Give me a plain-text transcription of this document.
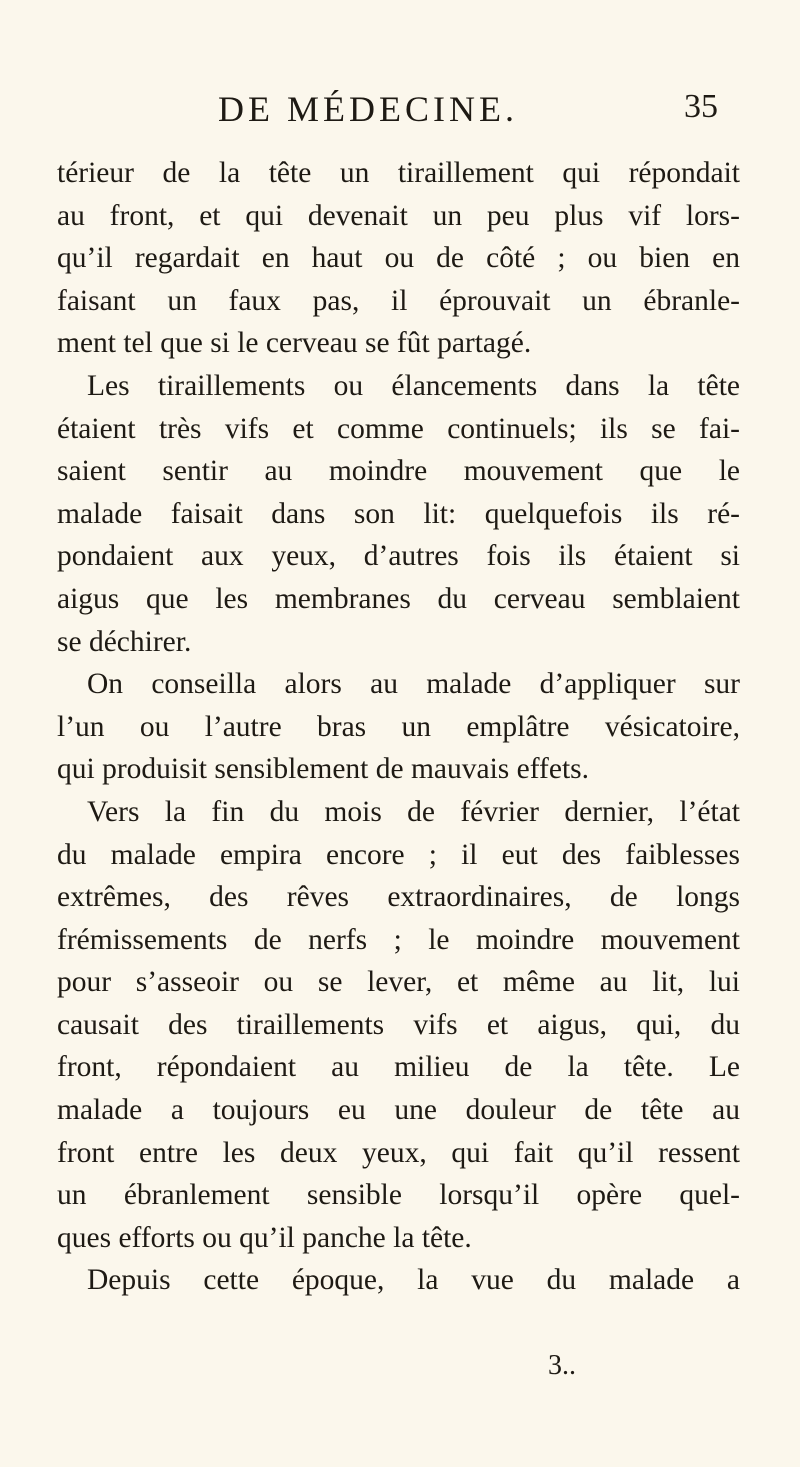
DE MÉDECINE.	35
térieur de la tête un tiraillement qui répondait
au front, et qui devenait un peu plus vif lors-
qu’il regardait en haut ou de côté ; ou bien en
faisant un faux pas, il éprouvait un ébranle-
ment tel que si le cerveau se fût partagé.
Les tiraillements ou élancements dans la tête
étaient très vifs et comme continuels; ils se fai-
saient sentir au moindre mouvement que le
malade faisait dans son lit: quelquefois ils ré-
pondaient aux yeux, d’autres fois ils étaient si
aigus que les membranes du cerveau semblaient
se déchirer.
On conseilla alors au malade d’appliquer sur
l’un ou l’autre bras un emplâtre vésicatoire,
qui produisit sensiblement de mauvais effets.
Vers la fin du mois de février dernier, l’état
du malade empira encore ; il eut des faiblesses
extrêmes, des rêves extraordinaires, de longs
frémissements de nerfs ; le moindre mouvement
pour s’asseoir ou se lever, et même au lit, lui
causait des tiraillements vifs et aigus, qui, du
front, répondaient au milieu de la tête. Le
malade a toujours eu une douleur de tête au
front entre les deux yeux, qui fait qu’il ressent
un ébranlement sensible lorsqu’il opère quel-
ques efforts ou qu’il panche la tête.
Depuis cette époque, la vue du malade a
3..
